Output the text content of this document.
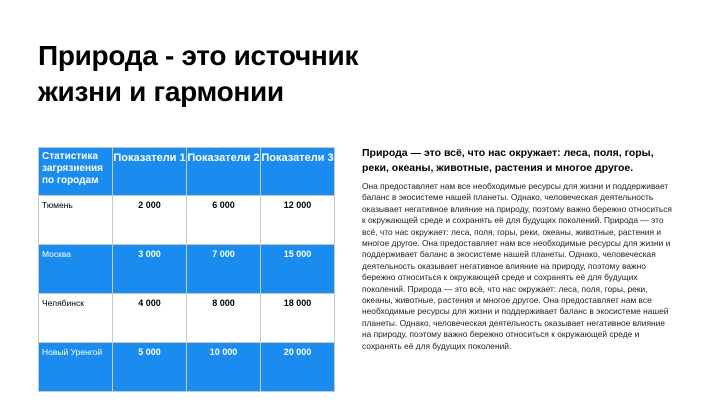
Природа - это источник жизни и гармонии
Статистика загрязнения по городам	Показатели 1	Показатели 2	Показатели 3
Тюмень	2 000	6 000	12 000
Москва	3 000	7 000	15 000
Челябинск	4 000	8 000	18 000
Новый Уренгой	5 000	10 000	20 000

Природа — это всё, что нас окружает: леса, поля, горы, реки, океаны, животные, растения и многое другое.

Она предоставляет нам все необходимые ресурсы для жизни и поддерживает баланс в экосистеме нашей планеты. Однако, человеческая деятельность оказывает негативное влияние на природу, поэтому важно бережно относиться к окружающей среде и сохранять её для будущих поколений. Природа — это всё, что нас окружает: леса, поля, горы, реки, океаны, животные, растения и многое другое. Она предоставляет нам все необходимые ресурсы для жизни и поддерживает баланс в экосистеме нашей планеты. Однако, человеческая деятельность оказывает негативное влияние на природу, поэтому важно бережно относиться к окружающей среде и сохранять её для будущих поколений. Природа — это всё, что нас окружает: леса, поля, горы, реки, океаны, животные, растения и многое другое. Она предоставляет нам все необходимые ресурсы для жизни и поддерживает баланс в экосистеме нашей планеты. Однако, человеческая деятельность оказывает негативное влияние на природу, поэтому важно бережно относиться к окружающей среде и сохранять её для будущих поколений.
